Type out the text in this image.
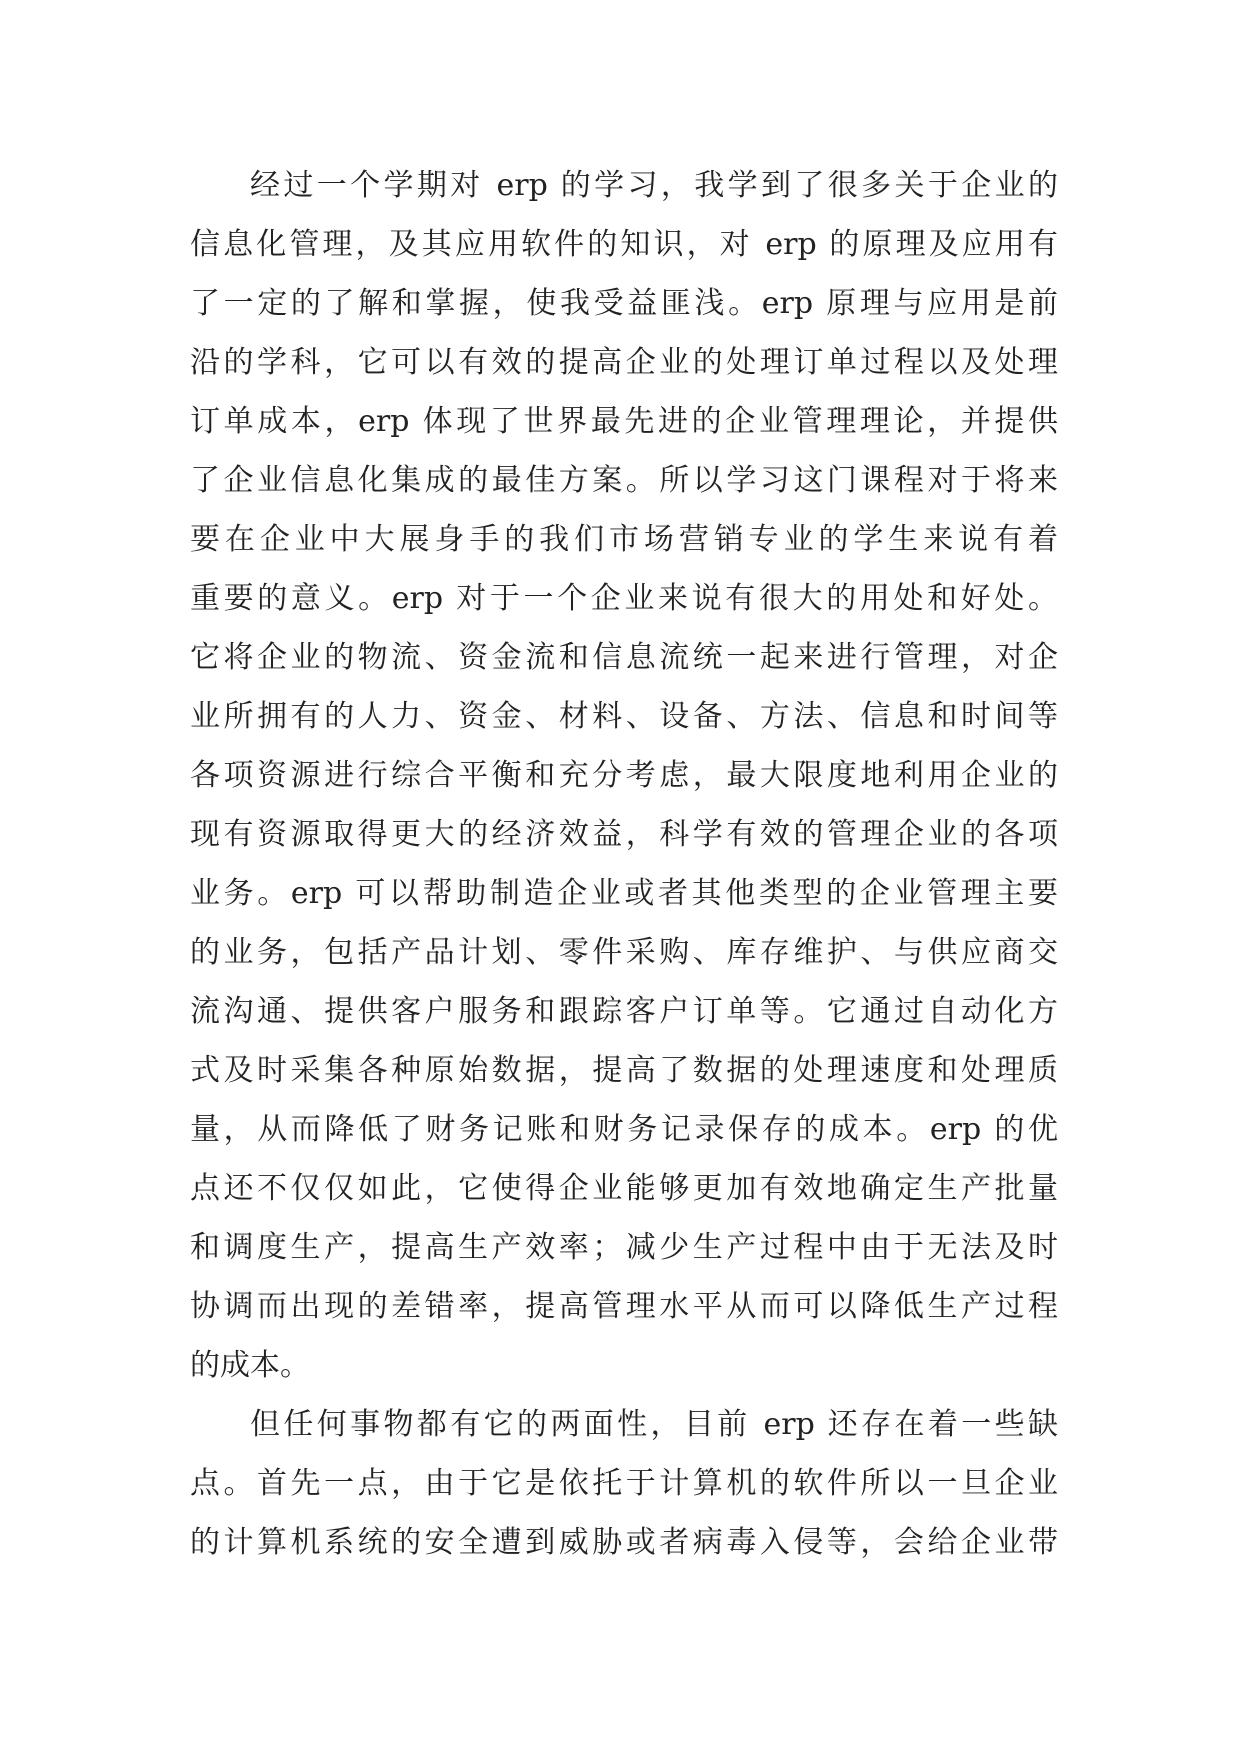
经过一个学期对 erp 的学习，我学到了很多关于企业的
信息化管理，及其应用软件的知识，对 erp 的原理及应用有
了一定的了解和掌握，使我受益匪浅。erp 原理与应用是前
沿的学科，它可以有效的提高企业的处理订单过程以及处理
订单成本，erp 体现了世界最先进的企业管理理论，并提供
了企业信息化集成的最佳方案。所以学习这门课程对于将来
要在企业中大展身手的我们市场营销专业的学生来说有着
重要的意义。erp 对于一个企业来说有很大的用处和好处。
它将企业的物流、资金流和信息流统一起来进行管理，对企
业所拥有的人力、资金、材料、设备、方法、信息和时间等
各项资源进行综合平衡和充分考虑，最大限度地利用企业的
现有资源取得更大的经济效益，科学有效的管理企业的各项
业务。erp 可以帮助制造企业或者其他类型的企业管理主要
的业务，包括产品计划、零件采购、库存维护、与供应商交
流沟通、提供客户服务和跟踪客户订单等。它通过自动化方
式及时采集各种原始数据，提高了数据的处理速度和处理质
量，从而降低了财务记账和财务记录保存的成本。erp 的优
点还不仅仅如此，它使得企业能够更加有效地确定生产批量
和调度生产，提高生产效率；减少生产过程中由于无法及时
协调而出现的差错率，提高管理水平从而可以降低生产过程
的成本。
但任何事物都有它的两面性，目前 erp 还存在着一些缺
点。首先一点，由于它是依托于计算机的软件所以一旦企业
的计算机系统的安全遭到威胁或者病毒入侵等，会给企业带
